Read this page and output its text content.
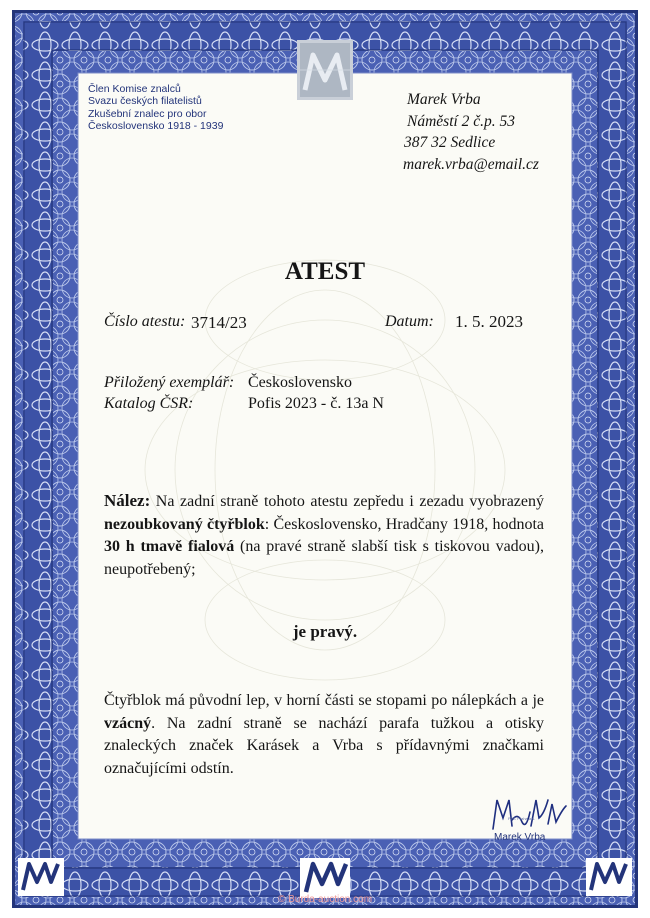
Člen Komise znalců
Svazu českých filatelistů
Zkušební znalec pro obor
Československo 1918 - 1939
Marek Vrba
Náměstí 2 č.p. 53
387 32 Sedlice
marek.vrba@email.cz
ATEST
Číslo atestu: 3714/23	Datum: 1. 5. 2023
Přiložený exemplář: Československo
Katalog ČSR:	Pofis 2023 - č. 13a N
Nález: Na zadní straně tohoto atestu zepředu i zezadu vyobrazený nezoubkovaný čtyřblok: Československo, Hradčany 1918, hodnota 30 h tmavě fialová (na pravé straně slabší tisk s tiskovou vadou), neupotřebený;
je pravý.
Čtyřblok má původní lep, v horní části se stopami po nálepkách a je vzácný. Na zadní straně se nachází parafa tužkou a otisky znaleckých značek Karásek a Vrba s přídavnými značkami označujícími odstín.
PTC Praha a.s.
Marek Vrba
© Burda-auction.com
